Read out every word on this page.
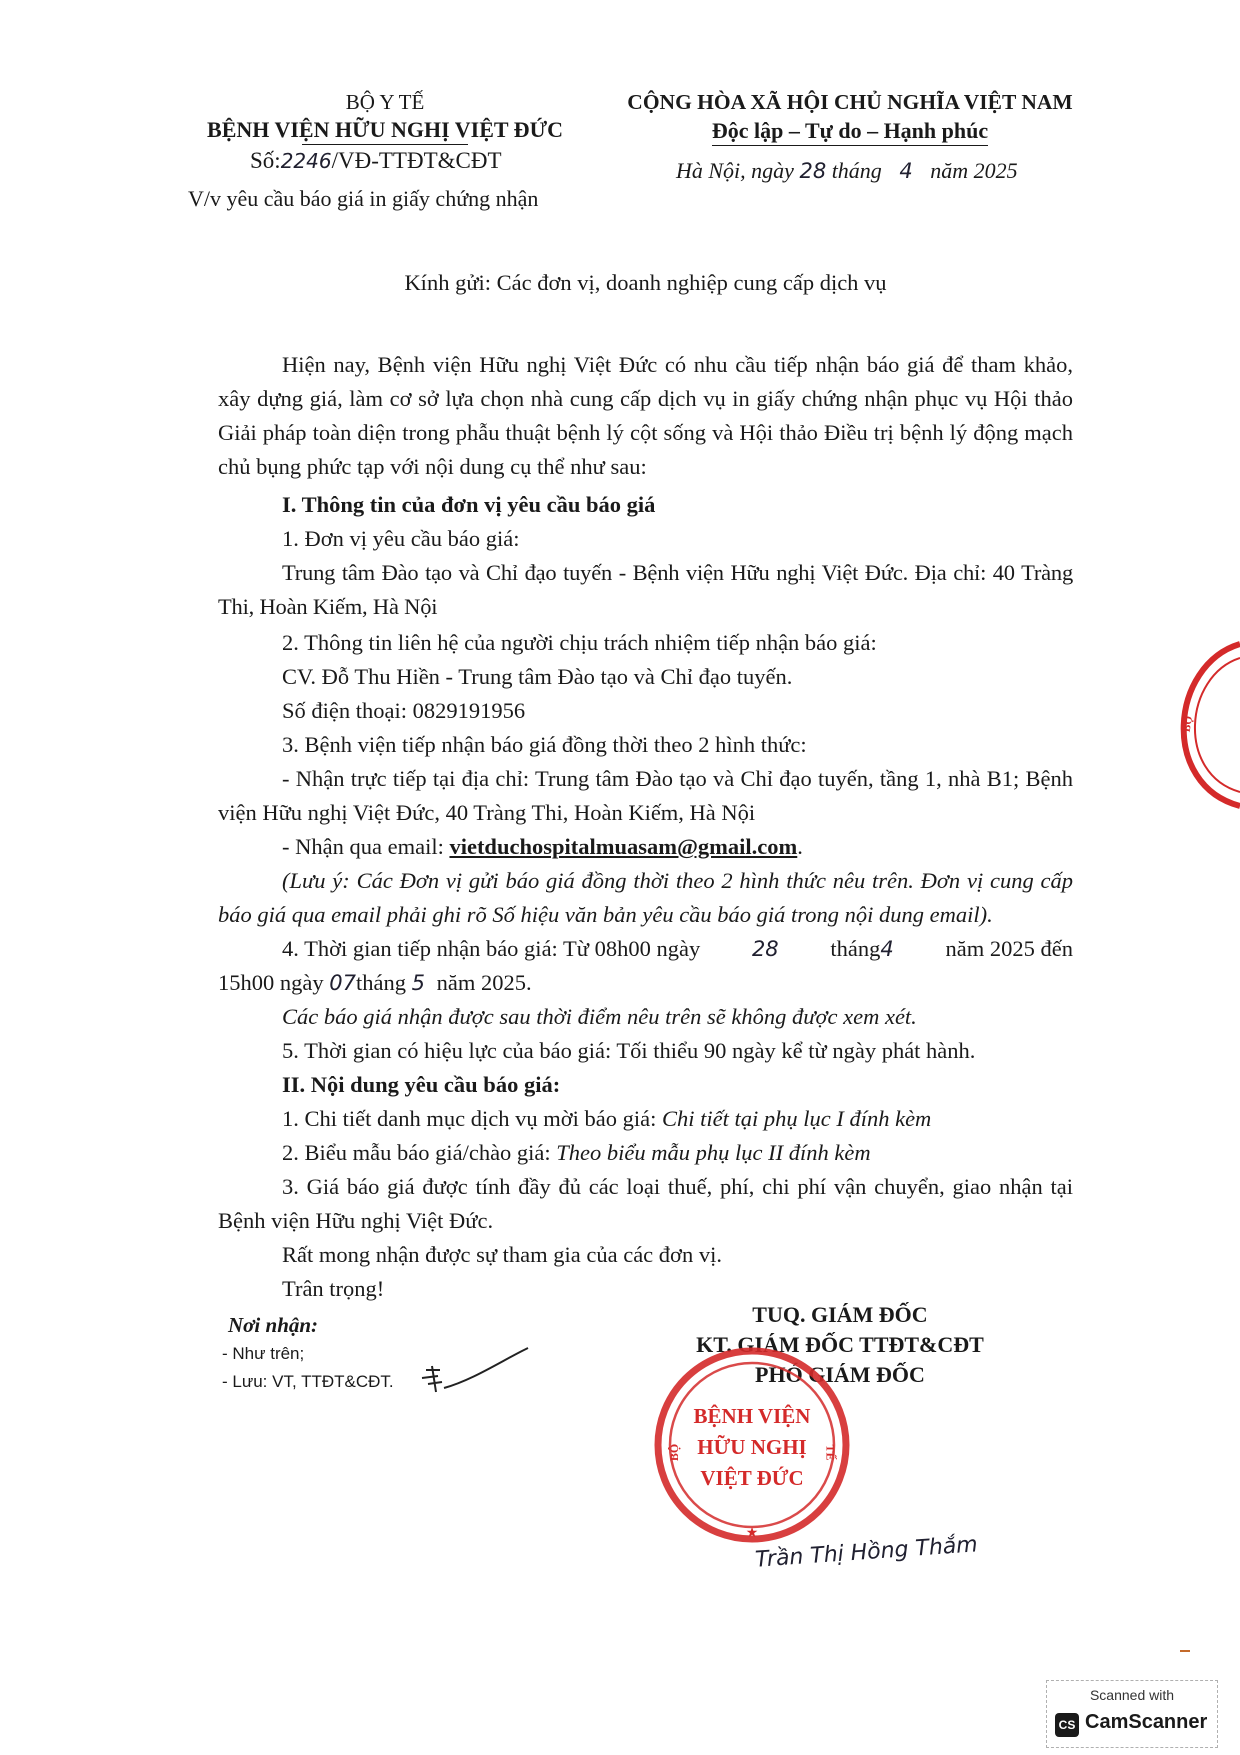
BỘ Y TẾ
BỆNH VIỆN HỮU NGHỊ VIỆT ĐỨC
Số:2246/VĐ-TTĐT&CĐT
V/v yêu cầu báo giá in giấy chứng nhận
CỘNG HÒA XÃ HỘI CHỦ NGHĨA VIỆT NAM
Độc lập – Tự do – Hạnh phúc
Hà Nội, ngày 28 tháng 4 năm 2025
Kính gửi: Các đơn vị, doanh nghiệp cung cấp dịch vụ
Hiện nay, Bệnh viện Hữu nghị Việt Đức có nhu cầu tiếp nhận báo giá để tham khảo, xây dựng giá, làm cơ sở lựa chọn nhà cung cấp dịch vụ in giấy chứng nhận phục vụ Hội thảo Giải pháp toàn diện trong phẫu thuật bệnh lý cột sống và Hội thảo Điều trị bệnh lý động mạch chủ bụng phức tạp với nội dung cụ thể như sau:
I. Thông tin của đơn vị yêu cầu báo giá
1. Đơn vị yêu cầu báo giá:
Trung tâm Đào tạo và Chỉ đạo tuyến - Bệnh viện Hữu nghị Việt Đức. Địa chỉ: 40 Tràng Thi, Hoàn Kiếm, Hà Nội
2. Thông tin liên hệ của người chịu trách nhiệm tiếp nhận báo giá:
CV. Đỗ Thu Hiền - Trung tâm Đào tạo và Chỉ đạo tuyến.
Số điện thoại: 0829191956
3. Bệnh viện tiếp nhận báo giá đồng thời theo 2 hình thức:
- Nhận trực tiếp tại địa chỉ: Trung tâm Đào tạo và Chỉ đạo tuyến, tầng 1, nhà B1; Bệnh viện Hữu nghị Việt Đức, 40 Tràng Thi, Hoàn Kiếm, Hà Nội
- Nhận qua email: vietduchospitalmuasam@gmail.com.
(Lưu ý: Các Đơn vị gửi báo giá đồng thời theo 2 hình thức nêu trên. Đơn vị cung cấp báo giá qua email phải ghi rõ Số hiệu văn bản yêu cầu báo giá trong nội dung email).
4. Thời gian tiếp nhận báo giá: Từ 08h00 ngày 28 tháng4 năm 2025 đến
15h00 ngày 07tháng 5 năm 2025.
Các báo giá nhận được sau thời điểm nêu trên sẽ không được xem xét.
5. Thời gian có hiệu lực của báo giá: Tối thiểu 90 ngày kể từ ngày phát hành.
II. Nội dung yêu cầu báo giá:
1. Chi tiết danh mục dịch vụ mời báo giá: Chi tiết tại phụ lục I đính kèm
2. Biểu mẫu báo giá/chào giá: Theo biểu mẫu phụ lục II đính kèm
3. Giá báo giá được tính đầy đủ các loại thuế, phí, chi phí vận chuyển, giao nhận tại Bệnh viện Hữu nghị Việt Đức.
Rất mong nhận được sự tham gia của các đơn vị.
Trân trọng!
Nơi nhận:
- Như trên;
- Lưu: VT, TTĐT&CĐT.
TUQ. GIÁM ĐỐC
KT. GIÁM ĐỐC TTĐT&CĐT
PHÓ GIÁM ĐỐC
★
BỆNH VIỆN
HỮU NGHỊ
VIỆT ĐỨC
BỘ	TẾ
Trần Thị Hồng Thắm
BỘ
Scanned with
CS CamScanner
